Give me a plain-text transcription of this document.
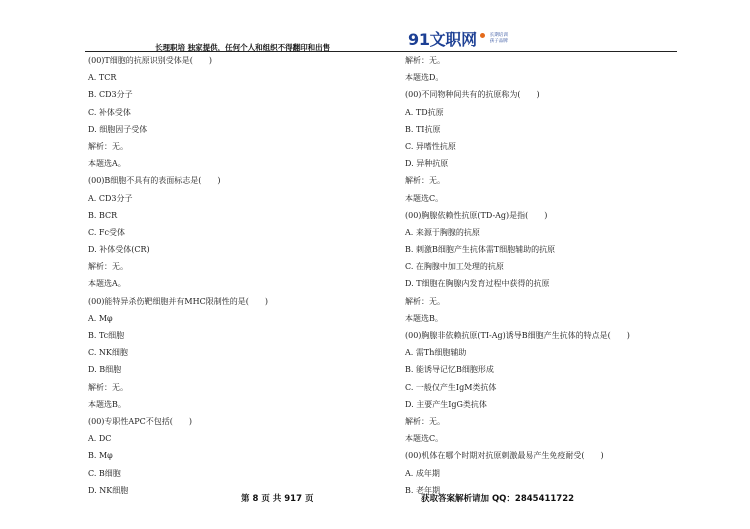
长理职培 独家提供，任何个人和组织不得翻印和出售	91文职网	长期培训
孩子品牌
(00)T细胞的抗原识别受体是(　　)
A. TCR
B. CD3分子
C. 补体受体
D. 细胞因子受体
解析：无。
本题选A。
(00)B细胞不具有的表面标志是(　　)
A. CD3分子
B. BCR
C. Fc受体
D. 补体受体(CR)
解析：无。
本题选A。
(00)能特异杀伤靶细胞并有MHC限制性的是(　　)
A. Mφ
B. Tc细胞
C. NK细胞
D. B细胞
解析：无。
本题选B。
(00)专职性APC不包括(　　)
A. DC
B. Mφ
C. B细胞
D. NK细胞
解析：无。
本题选D。
(00)不同物种间共有的抗原称为(　　)
A. TD抗原
B. TI抗原
C. 异嗜性抗原
D. 异种抗原
解析：无。
本题选C。
(00)胸腺依赖性抗原(TD-Ag)是指(　　)
A. 来源于胸腺的抗原
B. 刺激B细胞产生抗体需T细胞辅助的抗原
C. 在胸腺中加工处理的抗原
D. T细胞在胸腺内发育过程中获得的抗原
解析：无。
本题选B。
(00)胸腺非依赖抗原(TI-Ag)诱导B细胞产生抗体的特点是(　　)
A. 需Th细胞辅助
B. 能诱导记忆B细胞形成
C. 一般仅产生IgM类抗体
D. 主要产生IgG类抗体
解析：无。
本题选C。
(00)机体在哪个时期对抗原刺激最易产生免疫耐受(　　)
A. 成年期
B. 老年期
第 8 页 共 917 页	获取答案解析请加 QQ：2845411722
